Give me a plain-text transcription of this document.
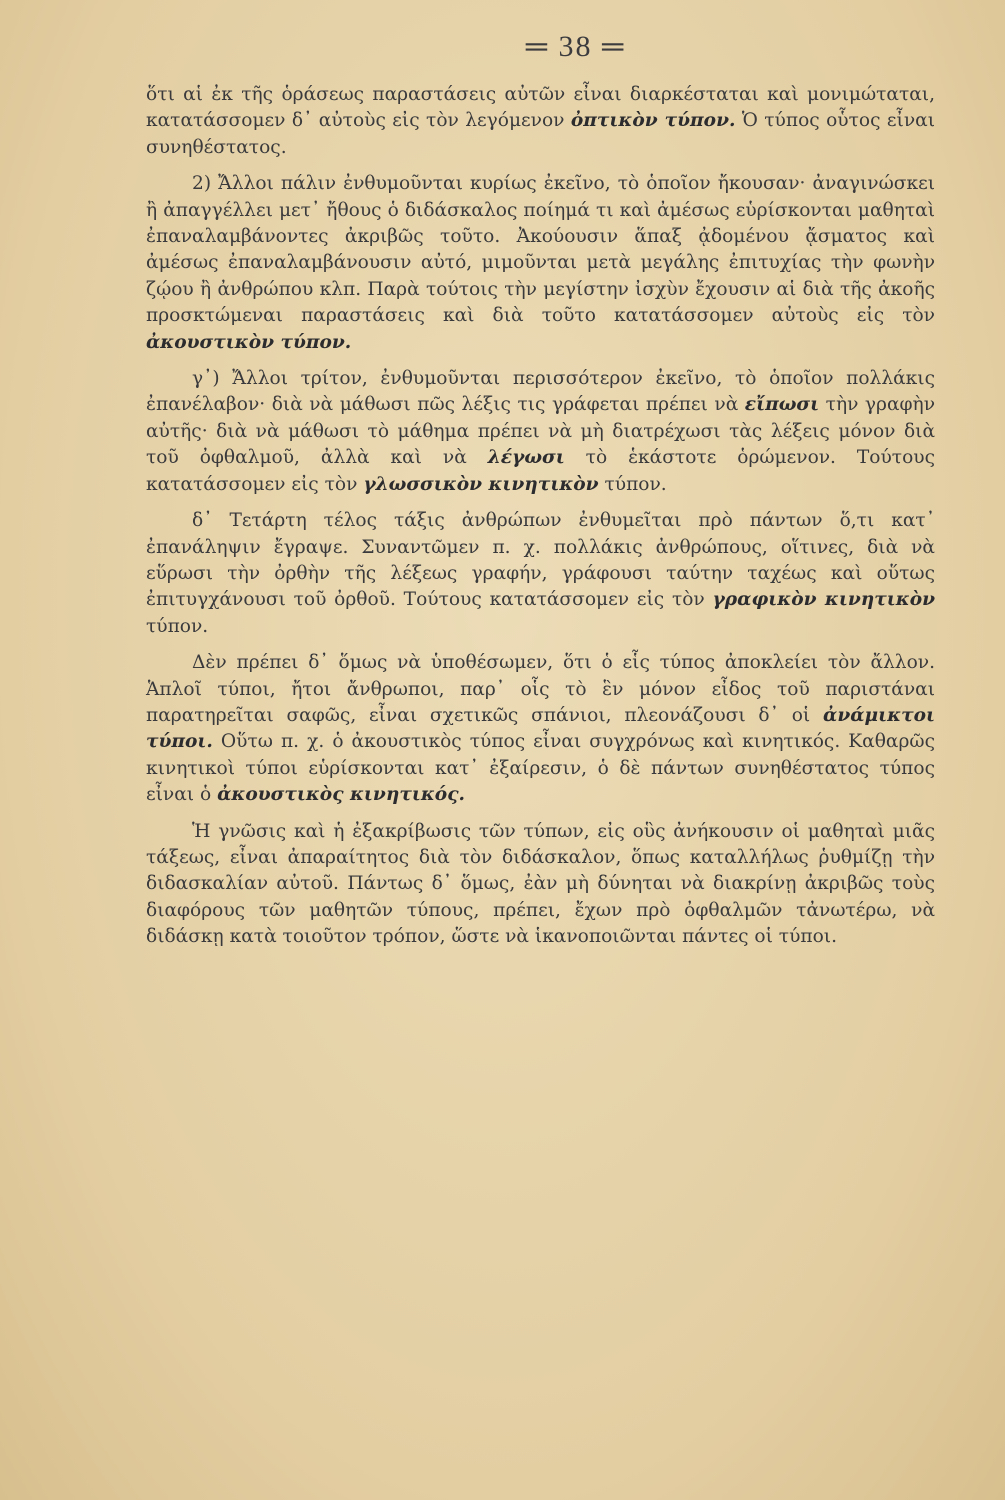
═ 38 ═

ὅτι αἱ ἐκ τῆς ὁράσεως παραστάσεις αὐτῶν εἶναι διαρκέσταται καὶ μονιμώταται, κατατάσσομεν δ᾽ αὐτοὺς εἰς τὸν λεγόμενον ὀπτικὸν τύπον. Ὁ τύπος οὗτος εἶναι συνηθέστατος.

2) Ἄλλοι πάλιν ἐνθυμοῦνται κυρίως ἐκεῖνο, τὸ ὁποῖον ἤκουσαν· ἀναγινώσκει ἢ ἀπαγγέλλει μετ᾽ ἤθους ὁ διδάσκαλος ποίημά τι καὶ ἀμέσως εὑρίσκονται μαθηταὶ ἐπαναλαμβάνοντες ἀκριβῶς τοῦτο. Ἀκούουσιν ἅπαξ ᾀδομένου ᾄσματος καὶ ἀμέσως ἐπαναλαμβάνουσιν αὐτό, μιμοῦνται μετὰ μεγάλης ἐπιτυχίας τὴν φωνὴν ζῴου ἢ ἀνθρώπου κλπ. Παρὰ τούτοις τὴν μεγίστην ἰσχὺν ἔχουσιν αἱ διὰ τῆς ἀκοῆς προσκτώμεναι παραστάσεις καὶ διὰ τοῦτο κατατάσσομεν αὐτοὺς εἰς τὸν ἀκουστικὸν τύπον.

γ᾽) Ἄλλοι τρίτον, ἐνθυμοῦνται περισσότερον ἐκεῖνο, τὸ ὁποῖον πολλάκις ἐπανέλαβον· διὰ νὰ μάθωσι πῶς λέξις τις γράφεται πρέπει νὰ εἴπωσι τὴν γραφὴν αὐτῆς· διὰ νὰ μάθωσι τὸ μάθημα πρέπει νὰ μὴ διατρέχωσι τὰς λέξεις μόνον διὰ τοῦ ὀφθαλμοῦ, ἀλλὰ καὶ νὰ λέγωσι τὸ ἑκάστοτε ὁρώμενον. Τούτους κατατάσσομεν εἰς τὸν γλωσσικὸν κινητικὸν τύπον.

δ᾽ Τετάρτη τέλος τάξις ἀνθρώπων ἐνθυμεῖται πρὸ πάντων ὅ,τι κατ᾽ ἐπανάληψιν ἔγραψε. Συναντῶμεν π. χ. πολλάκις ἀνθρώπους, οἵτινες, διὰ νὰ εὕρωσι τὴν ὀρθὴν τῆς λέξεως γραφήν, γράφουσι ταύτην ταχέως καὶ οὕτως ἐπιτυγχάνουσι τοῦ ὀρθοῦ. Τούτους κατατάσσομεν εἰς τὸν γραφικὸν κινητικὸν τύπον.

Δὲν πρέπει δ᾽ ὅμως νὰ ὑποθέσωμεν, ὅτι ὁ εἷς τύπος ἀποκλείει τὸν ἄλλον. Ἁπλοῖ τύποι, ἤτοι ἄνθρωποι, παρ᾽ οἷς τὸ ἓν μόνον εἶδος τοῦ παριστάναι παρατηρεῖται σαφῶς, εἶναι σχετικῶς σπάνιοι, πλεονάζουσι δ᾽ οἱ ἀνάμικτοι τύποι. Οὕτω π. χ. ὁ ἀκουστικὸς τύπος εἶναι συγχρόνως καὶ κινητικός. Καθαρῶς κινητικοὶ τύποι εὑρίσκονται κατ᾽ ἐξαίρεσιν, ὁ δὲ πάντων συνηθέστατος τύπος εἶναι ὁ ἀκουστικὸς κινητικός.

Ἡ γνῶσις καὶ ἡ ἐξακρίβωσις τῶν τύπων, εἰς οὓς ἀνήκουσιν οἱ μαθηταὶ μιᾶς τάξεως, εἶναι ἀπαραίτητος διὰ τὸν διδάσκαλον, ὅπως καταλλήλως ῥυθμίζῃ τὴν διδασκαλίαν αὐτοῦ. Πάντως δ᾽ ὅμως, ἐὰν μὴ δύνηται νὰ διακρίνῃ ἀκριβῶς τοὺς διαφόρους τῶν μαθητῶν τύπους, πρέπει, ἔχων πρὸ ὀφθαλμῶν τἀνωτέρω, νὰ διδάσκῃ κατὰ τοιοῦτον τρόπον, ὥστε νὰ ἱκανοποιῶνται πάντες οἱ τύποι.
